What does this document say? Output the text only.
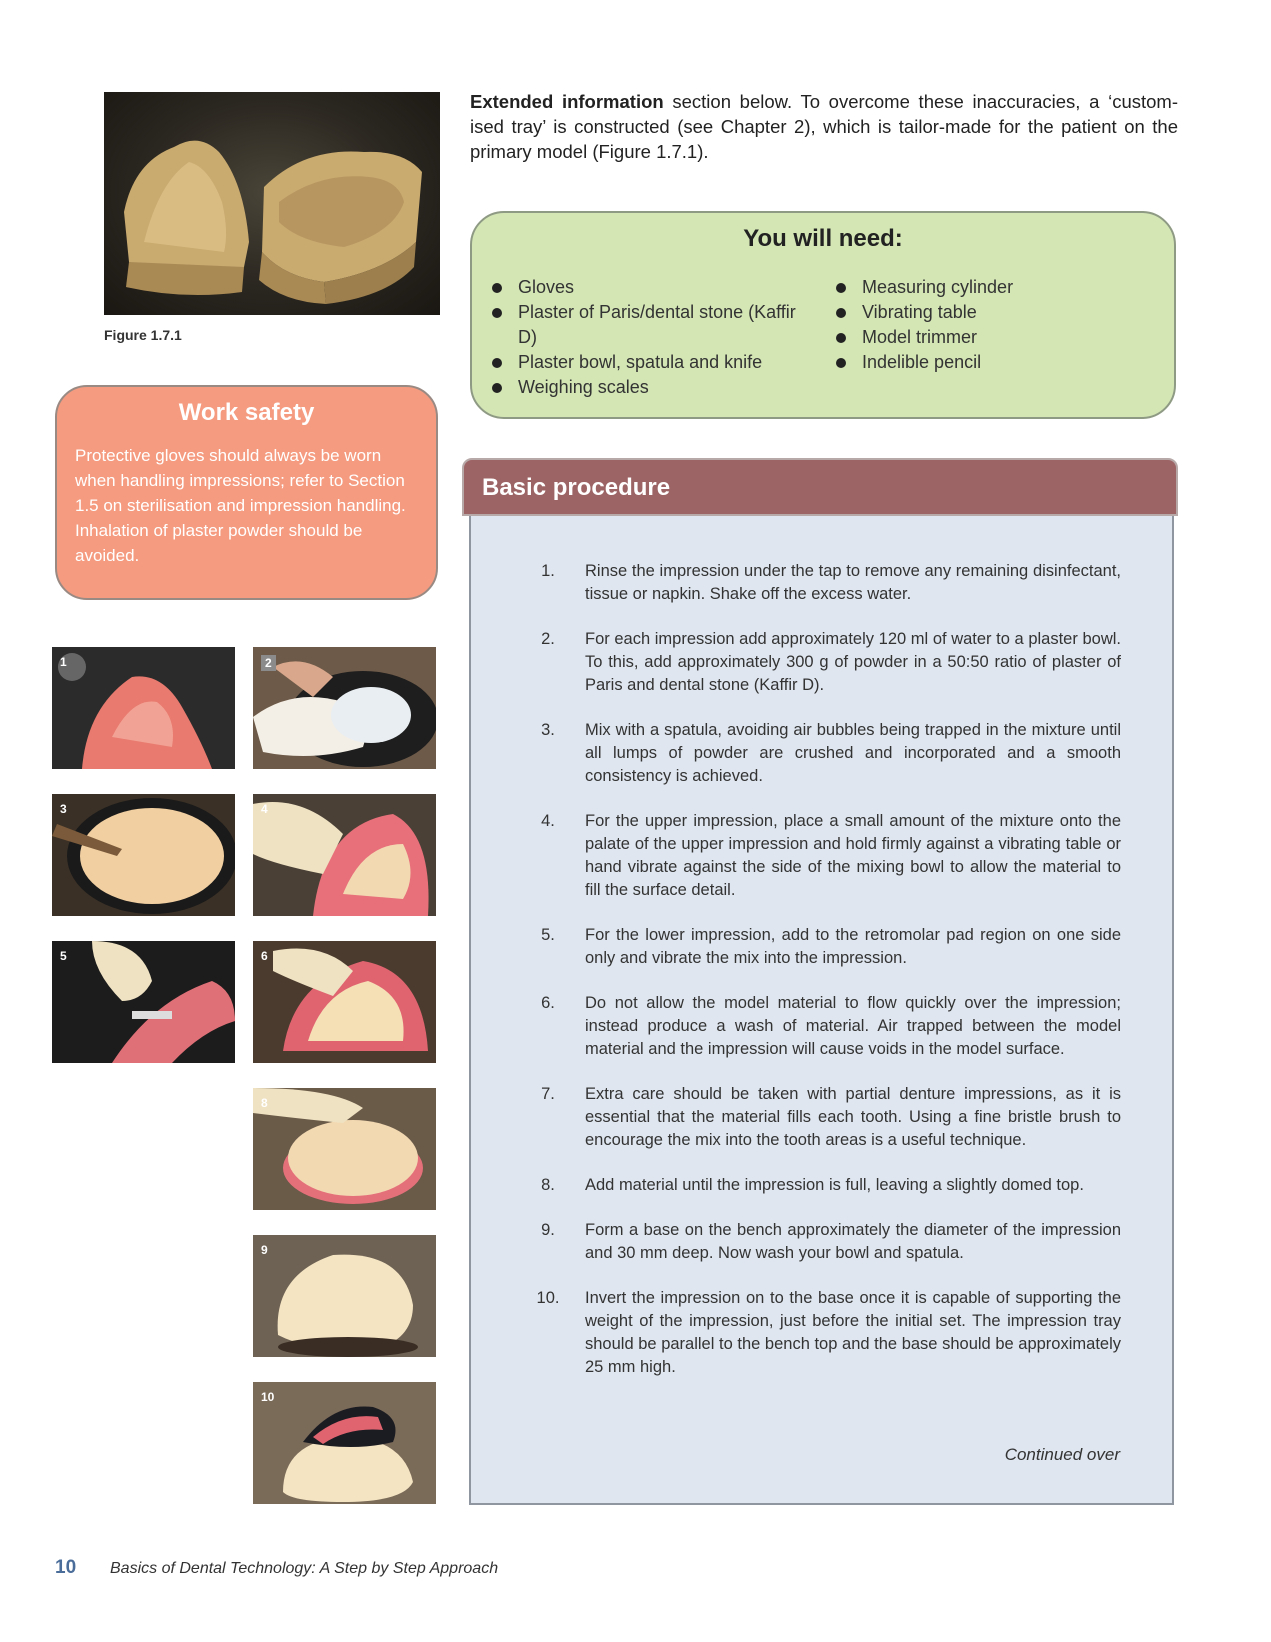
Figure 1.7.1

Extended information section below. To overcome these inaccuracies, a ‘custom-ised tray’ is constructed (see Chapter 2), which is tailor-made for the patient on the primary model (Figure 1.7.1).

You will need:
Gloves
Plaster of Paris/dental stone (Kaffir D)
Plaster bowl, spatula and knife
Weighing scales
Measuring cylinder
Vibrating table
Model trimmer
Indelible pencil
Work safety

Protective gloves should always be worn when handling impressions; refer to Section 1.5 on sterilisation and impression handling. Inhalation of plaster powder should be avoided.

1	2
3	4
5	6
8
9
10
Basic procedure
1.	Rinse the impression under the tap to remove any remaining disinfectant, tissue or napkin. Shake off the excess water.

2.	For each impression add approximately 120 ml of water to a plaster bowl. To this, add approximately 300 g of powder in a 50:50 ratio of plaster of Paris and dental stone (Kaffir D).

3.	Mix with a spatula, avoiding air bubbles being trapped in the mixture until all lumps of powder are crushed and incorporated and a smooth consistency is achieved.

4.	For the upper impression, place a small amount of the mixture onto the palate of the upper impression and hold firmly against a vibrating table or hand vibrate against the side of the mixing bowl to allow the material to fill the surface detail.

5.	For the lower impression, add to the retromolar pad region on one side only and vibrate the mix into the impression.

6.	Do not allow the model material to flow quickly over the impression; instead produce a wash of material. Air trapped between the model material and the impression will cause voids in the model surface.

7.	Extra care should be taken with partial denture impressions, as it is essential that the material fills each tooth. Using a fine bristle brush to encourage the mix into the tooth areas is a useful technique.

8.	Add material until the impression is full, leaving a slightly domed top.

9.	Form a base on the bench approximately the diameter of the impression and 30 mm deep. Now wash your bowl and spatula.

10.	Invert the impression on to the base once it is capable of supporting the weight of the impression, just before the initial set. The impression tray should be parallel to the bench top and the base should be approximately 25 mm high.

Continued over
10 Basics of Dental Technology: A Step by Step Approach
